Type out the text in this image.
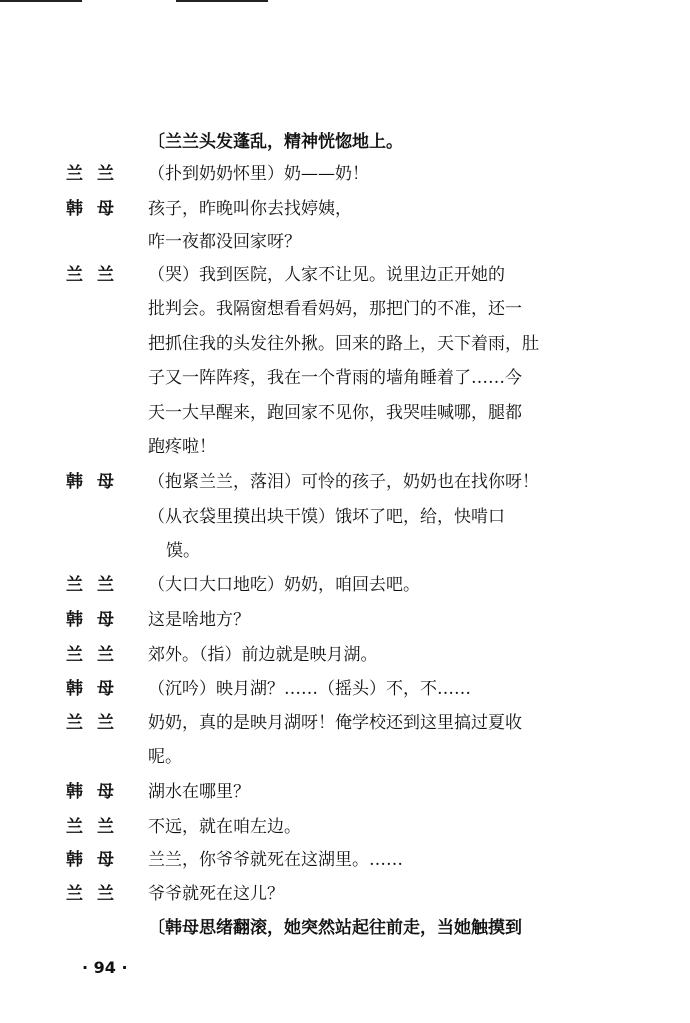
〔兰兰头发蓬乱，精神恍惚地上。
兰兰 （扑到奶奶怀里）奶——奶！
韩母 孩子，昨晚叫你去找婷姨，
咋一夜都没回家呀？
兰兰 （哭）我到医院，人家不让见。说里边正开她的
批判会。我隔窗想看看妈妈，那把门的不准，还一
把抓住我的头发往外揪。回来的路上，天下着雨，肚
子又一阵阵疼，我在一个背雨的墙角睡着了……今
天一大早醒来，跑回家不见你，我哭哇喊哪，腿都
跑疼啦！
韩母 （抱紧兰兰，落泪）可怜的孩子，奶奶也在找你呀！
（从衣袋里摸出块干馍）饿坏了吧，给，快啃口
馍。
兰兰 （大口大口地吃）奶奶，咱回去吧。
韩母 这是啥地方？
兰兰 郊外。（指）前边就是映月湖。
韩母 （沉吟）映月湖？……（摇头）不，不……
兰兰 奶奶，真的是映月湖呀！俺学校还到这里搞过夏收
呢。
韩母 湖水在哪里？
兰兰 不远，就在咱左边。
韩母 兰兰，你爷爷就死在这湖里。……
兰兰 爷爷就死在这儿？
〔韩母思绪翻滚，她突然站起往前走，当她触摸到
· 94 ·
